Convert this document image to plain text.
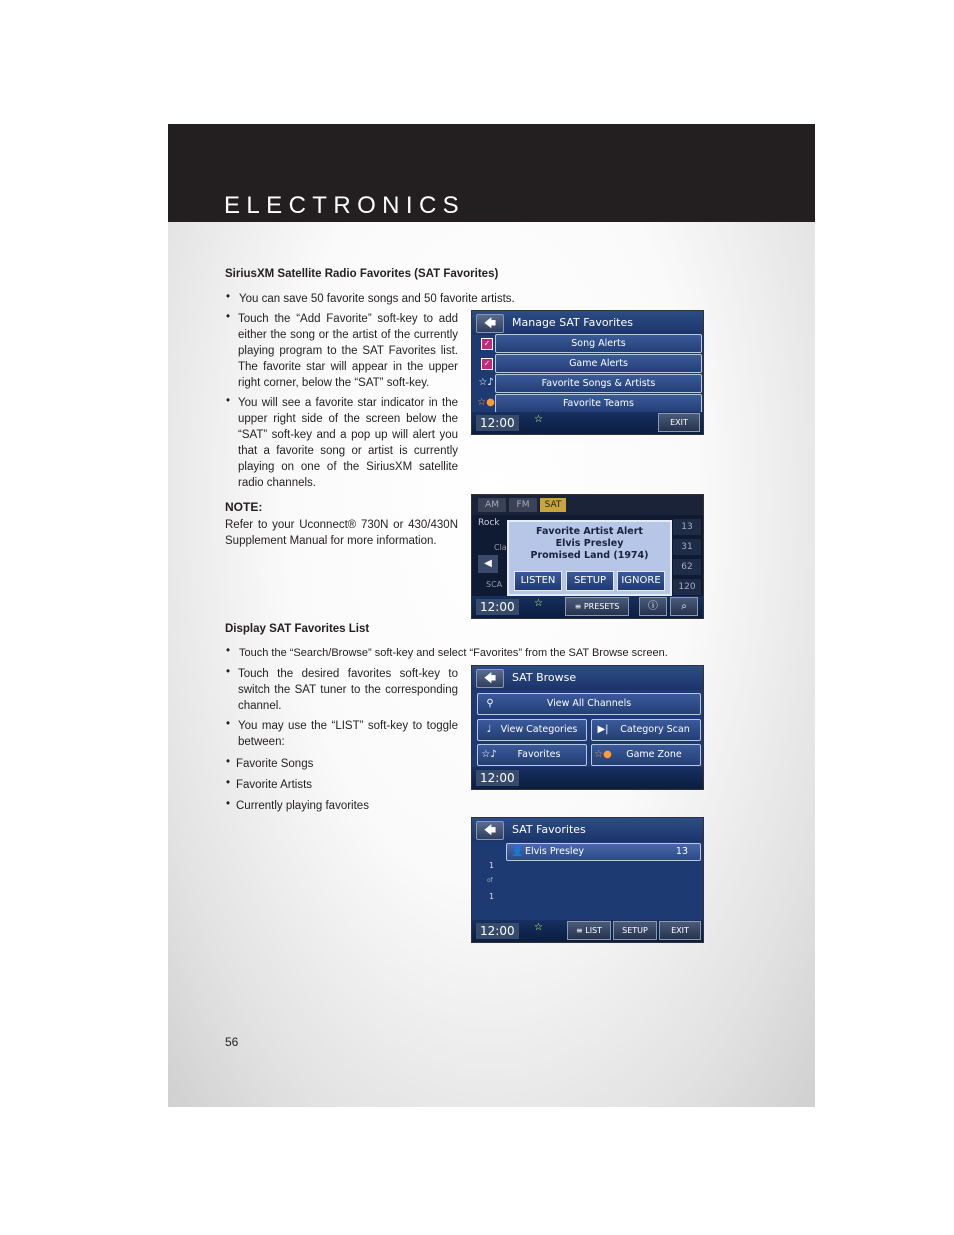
ELECTRONICS
SiriusXM Satellite Radio Favorites (SAT Favorites)
• You can save 50 favorite songs and 50 favorite artists.
• Touch the “Add Favorite” soft-key to add either the song or the artist of the currently playing program to the SAT Favorites list. The favorite star will appear in the upper right corner, below the “SAT” soft-key.
• You will see a favorite star indicator in the upper right side of the screen below the “SAT” soft-key and a pop up will alert you that a favorite song or artist is currently playing on one of the SiriusXM satellite radio channels.
NOTE:
Refer to your Uconnect® 730N or 430/430N Supplement Manual for more information.
Display SAT Favorites List
• Touch the “Search/Browse” soft-key and select “Favorites” from the SAT Browse screen.
• Touch the desired favorites soft-key to switch the SAT tuner to the corresponding channel.
• You may use the “LIST” soft-key to toggle between:
• Favorite Songs
• Favorite Artists
• Currently playing favorites
🡄	Manage SAT Favorites
✓	Song Alerts
✓	Game Alerts
☆♪	Favorite Songs & Artists
☆●	Favorite Teams
12:00	☆	EXIT
AM	FM	SAT
Rock
Cla
◀
SCA
13
31
62
120
Favorite Artist Alert
Elvis Presley
Promised Land (1974)
LISTEN	SETUP	IGNORE
12:00	☆	≡ PRESETS	ⓘ	⌕
🡄	SAT Browse
⚲	View All Channels
♩ View Categories	▶|	Category Scan
☆♪ Favorites	☆● Game Zone
12:00
🡄	SAT Favorites
👤 Elvis Presley	13
1
of
1
12:00	☆	≡ LIST	SETUP	EXIT
56
